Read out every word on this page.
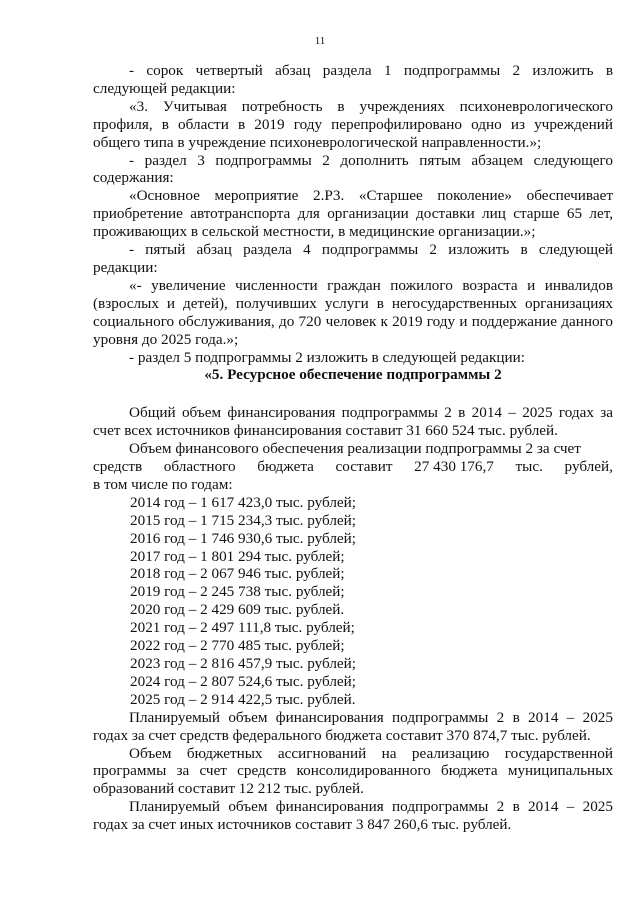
11

- сорок четвертый абзац раздела 1 подпрограммы 2 изложить в следующей редакции:

«3. Учитывая потребность в учреждениях психоневрологического профиля, в области в 2019 году перепрофилировано одно из учреждений общего типа в учреждение психоневрологической направленности.»;

- раздел 3 подпрограммы 2 дополнить пятым абзацем следующего содержания:

«Основное мероприятие 2.Р3. «Старшее поколение» обеспечивает приобретение автотранспорта для организации доставки лиц старше 65 лет, проживающих в сельской местности, в медицинские организации.»;

- пятый абзац раздела 4 подпрограммы 2 изложить в следующей редакции:

«- увеличение численности граждан пожилого возраста и инвалидов (взрослых и детей), получивших услуги в негосударственных организациях социального обслуживания, до 720 человек к 2019 году и поддержание данного уровня до 2025 года.»;

- раздел 5 подпрограммы 2 изложить в следующей редакции:

«5. Ресурсное обеспечение подпрограммы 2

Общий объем финансирования подпрограммы 2 в 2014 – 2025 годах за счет всех источников финансирования составит 31 660 524 тыс. рублей.

Объем финансового обеспечения реализации подпрограммы 2 за счет

средств областного бюджета составит 27 430 176,7 тыс. рублей,

в том числе по годам:

2014 год – 1 617 423,0 тыс. рублей;
2015 год – 1 715 234,3 тыс. рублей;
2016 год – 1 746 930,6 тыс. рублей;
2017 год – 1 801 294 тыс. рублей;
2018 год – 2 067 946 тыс. рублей;
2019 год – 2 245 738 тыс. рублей;
2020 год – 2 429 609 тыс. рублей.
2021 год – 2 497 111,8 тыс. рублей;
2022 год – 2 770 485 тыс. рублей;
2023 год – 2 816 457,9 тыс. рублей;
2024 год – 2 807 524,6 тыс. рублей;
2025 год – 2 914 422,5 тыс. рублей.

Планируемый объем финансирования подпрограммы 2 в 2014 – 2025 годах за счет средств федерального бюджета составит 370 874,7 тыс. рублей.

Объем бюджетных ассигнований на реализацию государственной программы за счет средств консолидированного бюджета муниципальных образований составит 12 212 тыс. рублей.

Планируемый объем финансирования подпрограммы 2 в 2014 – 2025 годах за счет иных источников составит 3 847 260,6 тыс. рублей.
